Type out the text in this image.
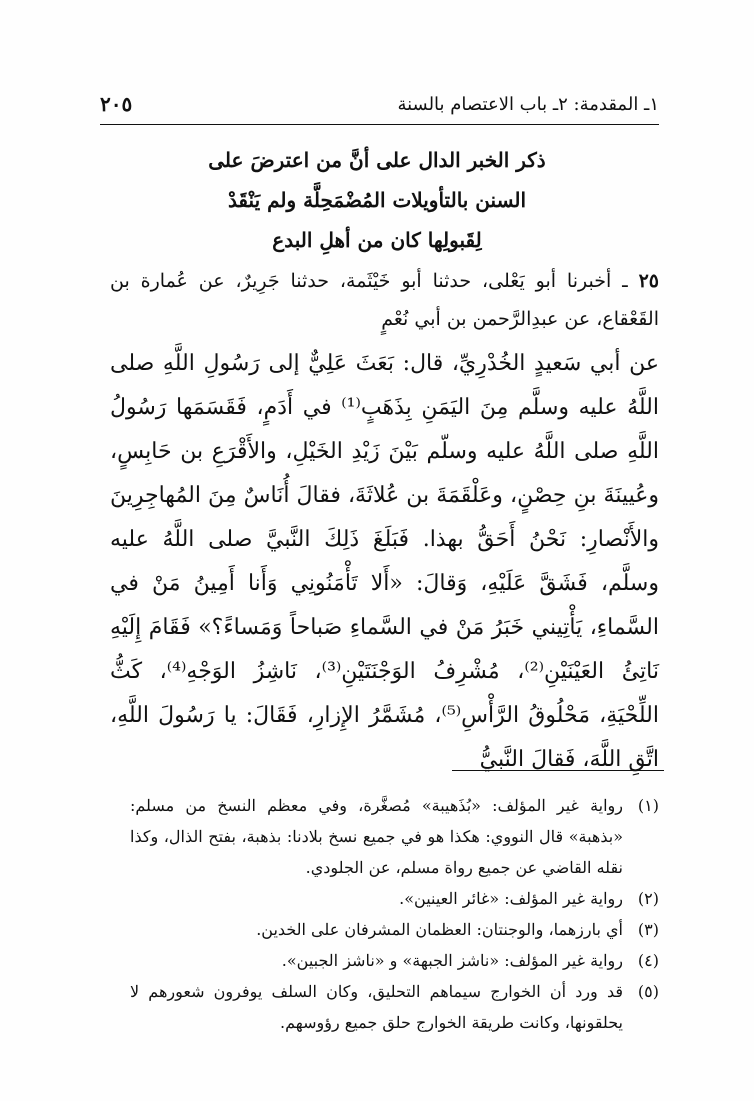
١ـ المقدمة: ٢ـ باب الاعتصام بالسنة
٢٠٥
ذكر الخبر الدال على أنَّ من اعترضَ على
السنن بالتأويلات المُضْمَحِلَّة ولم يَنْقَدْ
لِقَبولِها كان من أهلِ البدع
٢٥ ـ أخبرنا أبو يَعْلى، حدثنا أبو خَيْثَمة، حدثنا جَرِيرٌ، عن عُمارة بن القَعْقاع، عن عبدِالرَّحمن بن أبي نُعْمٍ
عن أبي سَعيدٍ الخُدْرِيِّ، قال: بَعَثَ عَلِيٌّ إلى رَسُولِ اللَّهِ صلى اللَّهُ عليه وسلَّم مِنَ اليَمَنِ بِذَهَبٍ⁽¹⁾ في أَدَمٍ، فَقَسَمَها رَسُولُ اللَّهِ صلى اللَّهُ عليه وسلّم بَيْنَ زَيْدِ الخَيْلِ، والأَقْرَعِ بن حَابِسٍ، وعُيينَةَ بنِ حِصْنٍ، وعَلْقَمَةَ بن عُلاثَةَ، فقالَ أُنَاسٌ مِنَ المُهاجِرِينَ والأَنْصارِ: نَحْنُ أَحَقُّ بهذا. فَبَلَغَ ذَلِكَ النَّبيَّ صلى اللَّهُ عليه وسلَّم، فَشَقَّ عَلَيْهِ، وَقالَ: «أَلا تَأْمَنُونِي وَأَنا أَمِينُ مَنْ في السَّماءِ، يَأْتِيني خَبَرُ مَنْ في السَّماءِ صَباحاً وَمَساءً؟» فَقَامَ إِلَيْهِ نَاتِئُ العَيْنَيْنِ⁽²⁾، مُشْرِفُ الوَجْنَتَيْنِ⁽³⁾، نَاشِزُ الوَجْهِ⁽⁴⁾، كَثُّ اللِّحْيَةِ، مَحْلُوقُ الرَّأْسِ⁽⁵⁾، مُشَمَّرُ الإِزارِ، فَقَالَ: يا رَسُولَ اللَّهِ، اتَّقِ اللَّهَ، فَقالَ النَّبيُّ
(١)
رواية غير المؤلف: «بُذَهيبة» مُصغَّرة، وفي معظم النسخ من مسلم: «بذهبة» قال النووي: هكذا هو في جميع نسخ بلادنا: بذهبة، بفتح الذال، وكذا نقله القاضي عن جميع رواة مسلم، عن الجلودي.
(٢)
رواية غير المؤلف: «غائر العينين».
(٣)
أي بارزهما، والوجنتان: العظمان المشرفان على الخدين.
(٤)
رواية غير المؤلف: «ناشز الجبهة» و «ناشز الجبين».
(٥)
قد ورد أن الخوارج سيماهم التحليق، وكان السلف يوفرون شعورهم لا يحلقونها، وكانت طريقة الخوارج حلق جميع رؤوسهم.
